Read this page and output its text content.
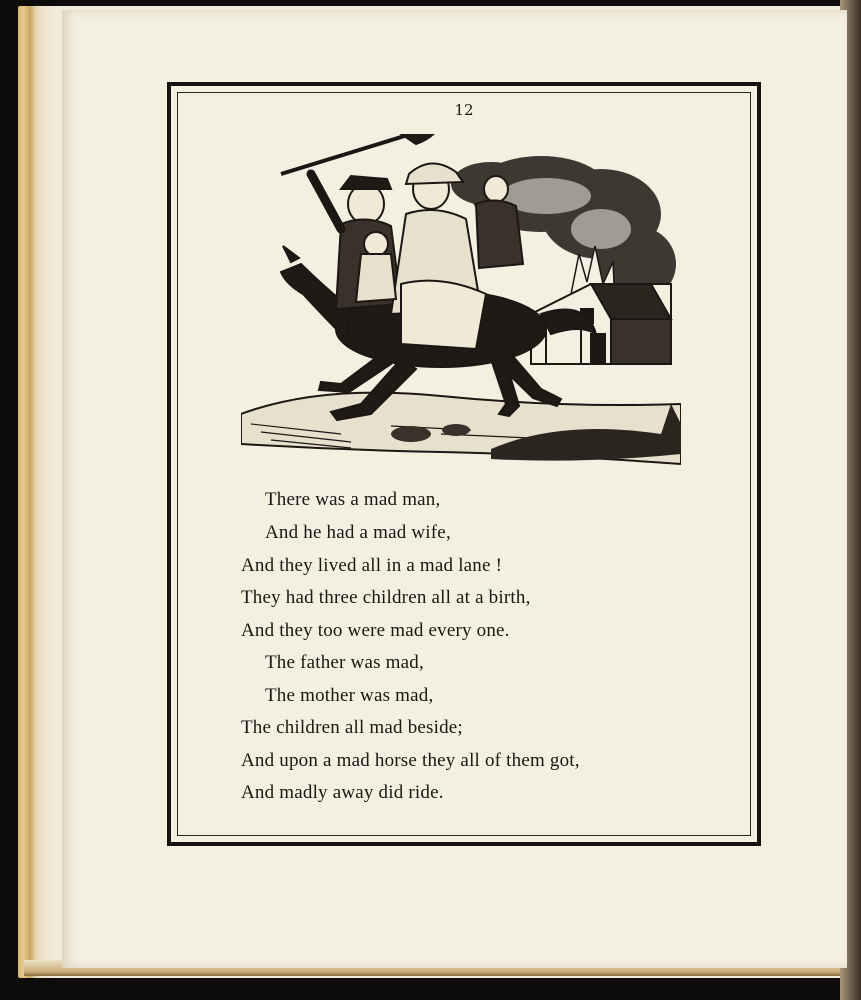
12
There was a mad man,
And he had a mad wife,
And they lived all in a mad lane !
They had three children all at a birth,
And they too were mad every one.
The father was mad,
The mother was mad,
The children all mad beside;
And upon a mad horse they all of them got,
And madly away did ride.
